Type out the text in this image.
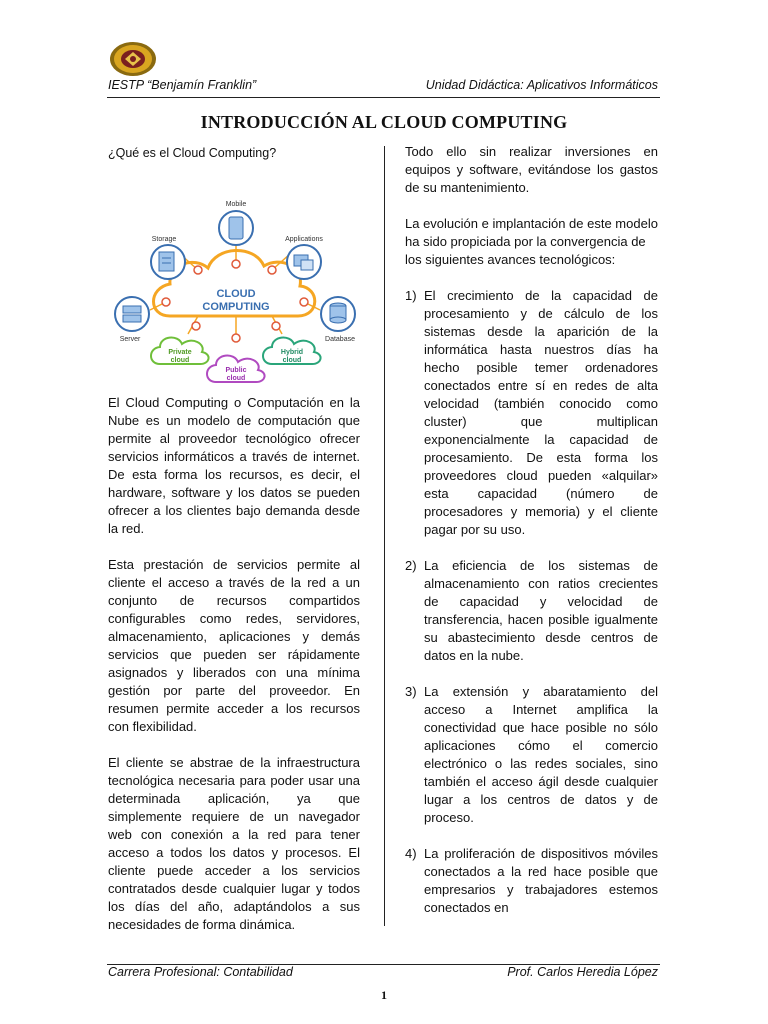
IESTP “Benjamín Franklin”	Unidad Didáctica: Aplicativos Informáticos
INTRODUCCIÓN AL CLOUD COMPUTING
¿Qué es el Cloud Computing?
CLOUD
COMPUTING
Mobile
Storage	Applications
Server	Database
Private
cloud
Public
cloud
Hybrid
cloud

El Cloud Computing o Computación en la Nube es un modelo de computación que permite al proveedor tecnológico ofrecer servicios informáticos a través de internet. De esta forma los recursos, es decir, el hardware, software y los datos se pueden ofrecer a los clientes bajo demanda desde la red.

Esta prestación de servicios permite al cliente el acceso a través de la red a un conjunto de recursos compartidos configurables como redes, servidores, almacenamiento, aplicaciones y demás servicios que pueden ser rápidamente asignados y liberados con una mínima gestión por parte del proveedor. En resumen permite acceder a los recursos con flexibilidad.

El cliente se abstrae de la infraestructura tecnológica necesaria para poder usar una determinada aplicación, ya que simplemente requiere de un navegador web con conexión a la red para tener acceso a todos los datos y procesos. El cliente puede acceder a los servicios contratados desde cualquier lugar y todos los días del año, adaptándolos a sus necesidades de forma dinámica.

Todo ello sin realizar inversiones en equipos y software, evitándose los gastos de su mantenimiento.

La evolución e implantación de este modelo ha sido propiciada por la convergencia de los siguientes avances tecnológicos:

1) El crecimiento de la capacidad de procesamiento y de cálculo de los sistemas desde la aparición de la informática hasta nuestros días ha hecho posible temer ordenadores conectados entre sí en redes de alta velocidad (también conocido como cluster) que multiplican exponencialmente la capacidad de procesamiento. De esta forma los proveedores cloud pueden «alquilar» esta capacidad (número de procesadores y memoria) y el cliente pagar por su uso.
2) La eficiencia de los sistemas de almacenamiento con ratios crecientes de capacidad y velocidad de transferencia, hacen posible igualmente su abastecimiento desde centros de datos en la nube.
3) La extensión y abaratamiento del acceso a Internet amplifica la conectividad que hace posible no sólo aplicaciones cómo el comercio electrónico o las redes sociales, sino también el acceso ágil desde cualquier lugar a los centros de datos y de proceso.
4) La proliferación de dispositivos móviles conectados a la red hace posible que empresarios y trabajadores estemos conectados en
Carrera Profesional: Contabilidad	Prof. Carlos Heredia López
1
